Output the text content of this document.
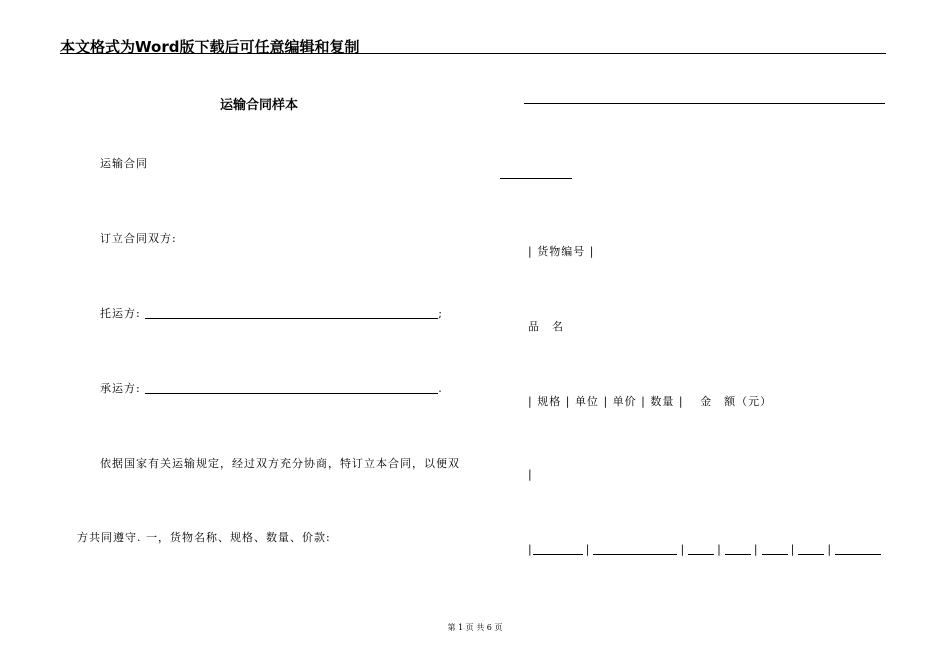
本文格式为Word版下载后可任意编辑和复制
运输合同样本
运输合同
订立合同双方:
托运方:	;
承运方:	.
依据国家有关运输规定，经过双方充分协商，特订立本合同，以便双
方共同遵守. 一，货物名称、规格、数量、价款:
| 货物编号 |
品　名
| 规格 | 单位 | 单价 | 数量 | 金　额（元）
|
|	|	|	|	|	|	|
第 1 页 共 6 页
